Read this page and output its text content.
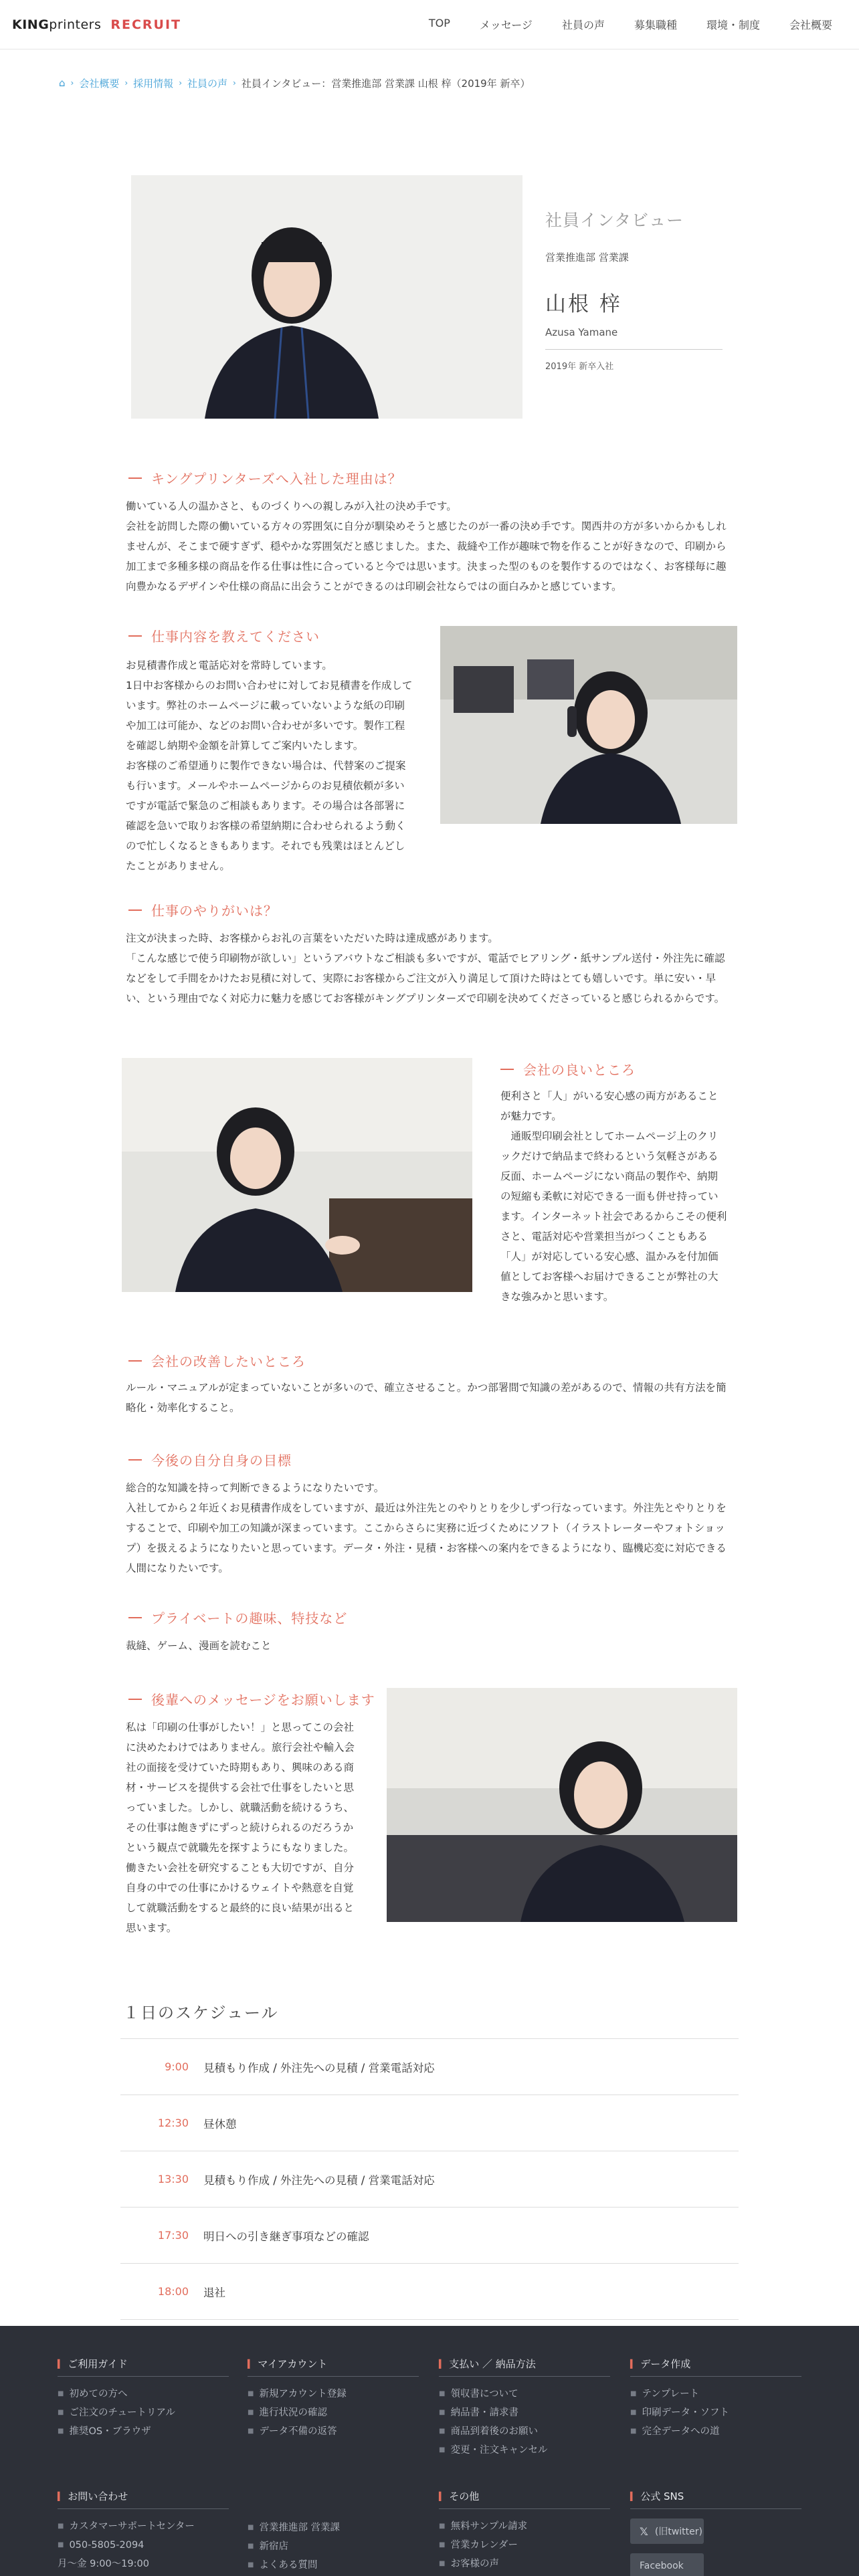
KING printers RECRUIT	TOP	メッセージ	社員の声	募集職種	環境・制度	会社概要
⌂ › 会社概要 › 採用情報 › 社員の声 › 社員インタビュー：営業推進部 営業課 山根 梓（2019年 新卒）
社員インタビュー
営業推進部 営業課
山根 梓
Azusa Yamane
2019年 新卒入社
キングプリンターズへ入社した理由は？

働いている人の温かさと、ものづくりへの親しみが入社の決め手です。

会社を訪問した際の働いている方々の雰囲気に自分が馴染めそうと感じたのが一番の決め手です。関西井の方が多いからかもしれませんが、そこまで硬すぎず、穏やかな雰囲気だと感じました。また、裁縫や工作が趣味で物を作ることが好きなので、印刷から加工まで多種多様の商品を作る仕事は性に合っていると今では思います。決まった型のものを製作するのではなく、お客様毎に趣向豊かなるデザインや仕様の商品に出会うことができるのは印刷会社ならではの面白みかと感じています。

仕事内容を教えてください

お見積書作成と電話応対を常時しています。

1日中お客様からのお問い合わせに対してお見積書を作成しています。弊社のホームページに載っていないような紙の印刷や加工は可能か、などのお問い合わせが多いです。製作工程を確認し納期や金額を計算してご案内いたします。

お客様のご希望通りに製作できない場合は、代替案のご提案も行います。メールやホームページからのお見積依頼が多いですが電話で緊急のご相談もあります。その場合は各部署に確認を急いで取りお客様の希望納期に合わせられるよう動くので忙しくなるときもあります。それでも残業はほとんどしたことがありません。

仕事のやりがいは？

注文が決まった時、お客様からお礼の言葉をいただいた時は達成感があります。

「こんな感じで使う印刷物が欲しい」というアバウトなご相談も多いですが、電話でヒアリング・紙サンプル送付・外注先に確認などをして手間をかけたお見積に対して、実際にお客様からご注文が入り満足して頂けた時はとても嬉しいです。単に安い・早い、という理由でなく対応力に魅力を感じてお客様がキングプリンターズで印刷を決めてくださっていると感じられるからです。

会社の良いところ

便利さと「人」がいる安心感の両方があることが魅力です。

　通販型印刷会社としてホームページ上のクリックだけで納品まで終わるという気軽さがある反面、ホームページにない商品の製作や、納期の短縮も柔軟に対応できる一面も併せ持っています。インターネット社会であるからこその便利さと、電話対応や営業担当がつくこともある「人」が対応している安心感、温かみを付加価値としてお客様へお届けできることが弊社の大きな強みかと思います。

会社の改善したいところ

ルール・マニュアルが定まっていないことが多いので、確立させること。かつ部署間で知識の差があるので、情報の共有方法を簡略化・効率化すること。

今後の自分自身の目標

総合的な知識を持って判断できるようになりたいです。

入社してから２年近くお見積書作成をしていますが、最近は外注先とのやりとりを少しずつ行なっています。外注先とやりとりをすることで、印刷や加工の知識が深まっています。ここからさらに実務に近づくためにソフト（イラストレーターやフォトショップ）を扱えるようになりたいと思っています。データ・外注・見積・お客様への案内をできるようになり、臨機応変に対応できる人間になりたいです。

プライベートの趣味、特技など

裁縫、ゲーム、漫画を読むこと

後輩へのメッセージをお願いします

私は「印刷の仕事がしたい！」と思ってこの会社に決めたわけではありません。旅行会社や輸入会社の面接を受けていた時期もあり、興味のある商材・サービスを提供する会社で仕事をしたいと思っていました。しかし、就職活動を続けるうち、その仕事は飽きずにずっと続けられるのだろうかという観点で就職先を探すようにもなりました。働きたい会社を研究することも大切ですが、自分自身の中での仕事にかけるウェイトや熱意を自覚して就職活動をすると最終的に良い結果が出ると思います。

１日のスケジュール
9:00	見積もり作成 / 外注先への見積 / 営業電話対応
12:30	昼休憩
13:30	見積もり作成 / 外注先への見積 / 営業電話対応
17:30	明日への引き継ぎ事項などの確認
18:00	退社
▍ ご利用ガイド
■ 初めての方へ
■ ご注文のチュートリアル
■ 推奨OS・ブラウザ
▍ マイアカウント
■ 新規アカウント登録
■ 進行状況の確認
■ データ不備の返答
▍ 支払い ／ 納品方法
■ 領収書について
■ 納品書・請求書
■ 商品到着後のお願い
■ 変更・注文キャンセル
▍ データ作成
■ テンプレート
■ 印刷データ・ソフト
■ 完全データへの道
▍ お問い合わせ
■ カスタマーサポートセンター
■ 050-5805-2094
月〜金 9:00〜19:00
■ 営業推進部 営業課
■ 新宿店
■ よくある質問
▍ その他
■ 無料サンプル請求
■ 営業カレンダー
■ お客様の声
▍ 公式 SNS
𝕏 (旧twitter)
Facebook
